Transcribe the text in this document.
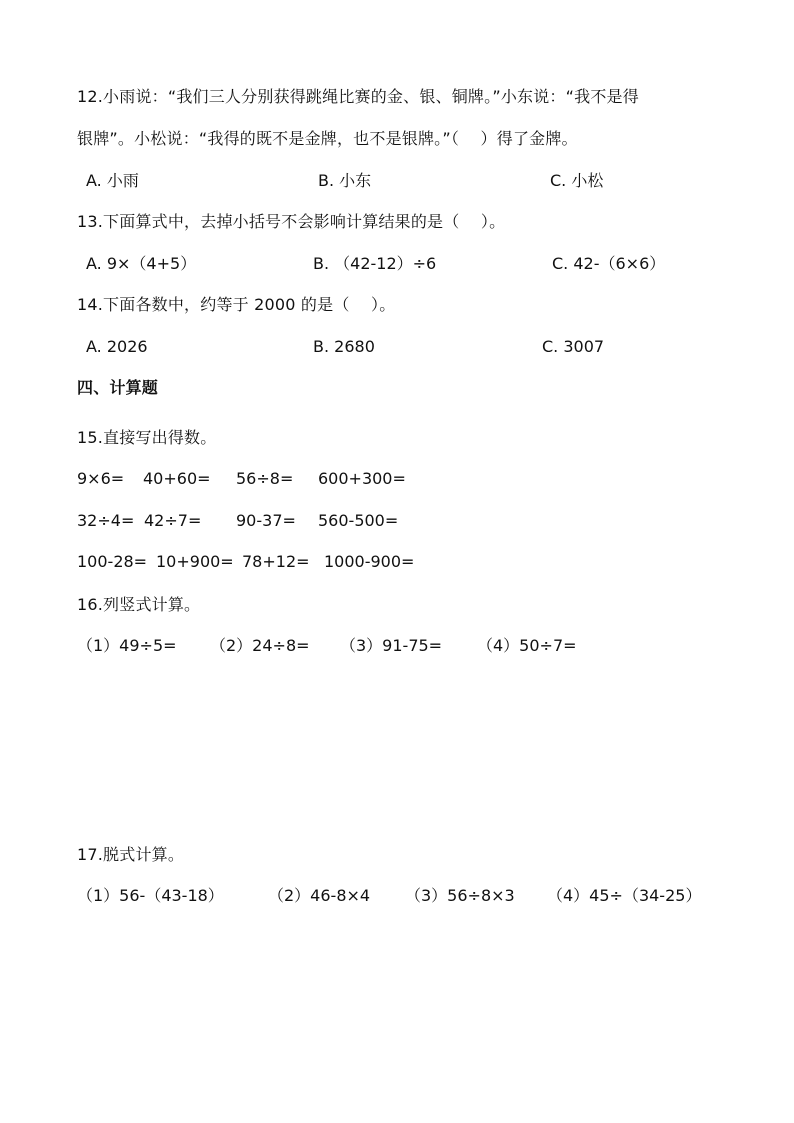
12.小雨说：“我们三人分别获得跳绳比赛的金、银、铜牌。”小东说：“我不是得
银牌”。小松说：“我得的既不是金牌，也不是银牌。”（　 ）得了金牌。
A. 小雨	B. 小东	C. 小松
13.下面算式中，去掉小括号不会影响计算结果的是（　 ）。
A. 9×（4+5）	B. （42-12）÷6	C. 42-（6×6）
14.下面各数中，约等于 2000 的是（　 ）。
A. 2026	B. 2680	C. 3007
四、计算题
15.直接写出得数。
9×6= 40+60= 56÷8= 600+300=
32÷4= 42÷7= 90-37= 560-500=
100-28= 10+900= 78+12= 1000-900=
16.列竖式计算。
（1）49÷5= （2）24÷8= （3）91-75= （4）50÷7=
17.脱式计算。
（1）56-（43-18）	（2）46-8×4 （3）56÷8×3 （4）45÷（34-25）
